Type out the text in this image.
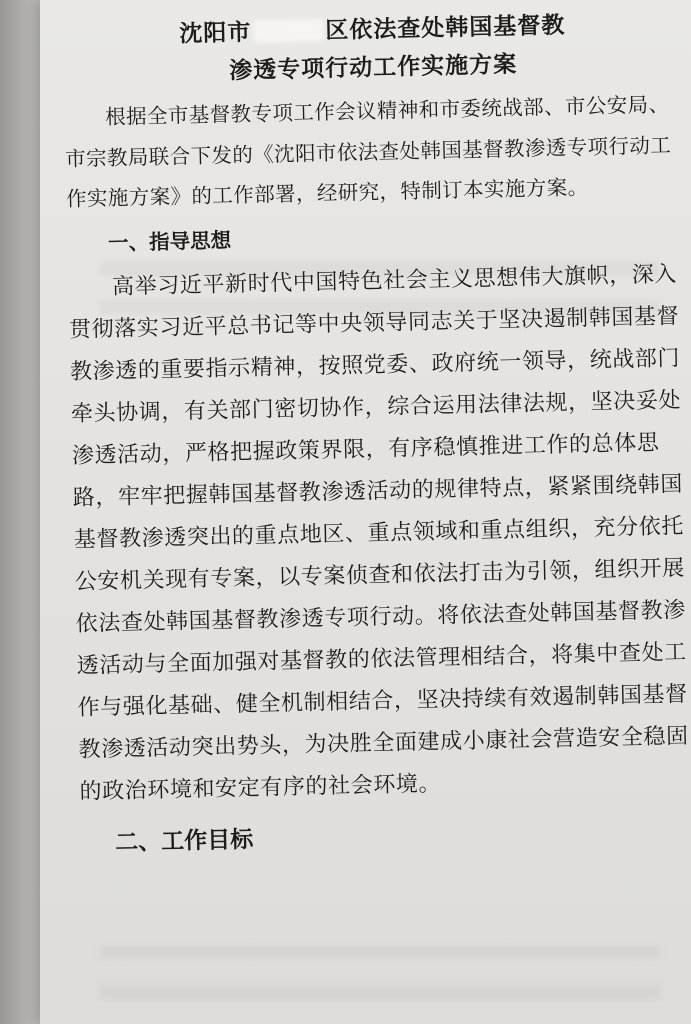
沈阳市	区依法查处韩国基督教
渗透专项行动工作实施方案

根据全市基督教专项工作会议精神和市委统战部、市公安局、市宗教局联合下发的《沈阳市依法查处韩国基督教渗透专项行动工作实施方案》的工作部署，经研究，特制订本实施方案。

一、指导思想

高举习近平新时代中国特色社会主义思想伟大旗帜，深入贯彻落实习近平总书记等中央领导同志关于坚决遏制韩国基督教渗透的重要指示精神，按照党委、政府统一领导，统战部门牵头协调，有关部门密切协作，综合运用法律法规，坚决妥处渗透活动，严格把握政策界限，有序稳慎推进工作的总体思路，牢牢把握韩国基督教渗透活动的规律特点，紧紧围绕韩国基督教渗透突出的重点地区、重点领域和重点组织，充分依托公安机关现有专案，以专案侦查和依法打击为引领，组织开展依法查处韩国基督教渗透专项行动。将依法查处韩国基督教渗透活动与全面加强对基督教的依法管理相结合，将集中查处工作与强化基础、健全机制相结合，坚决持续有效遏制韩国基督教渗透活动突出势头，为决胜全面建成小康社会营造安全稳固的政治环境和安定有序的社会环境。

二、工作目标
